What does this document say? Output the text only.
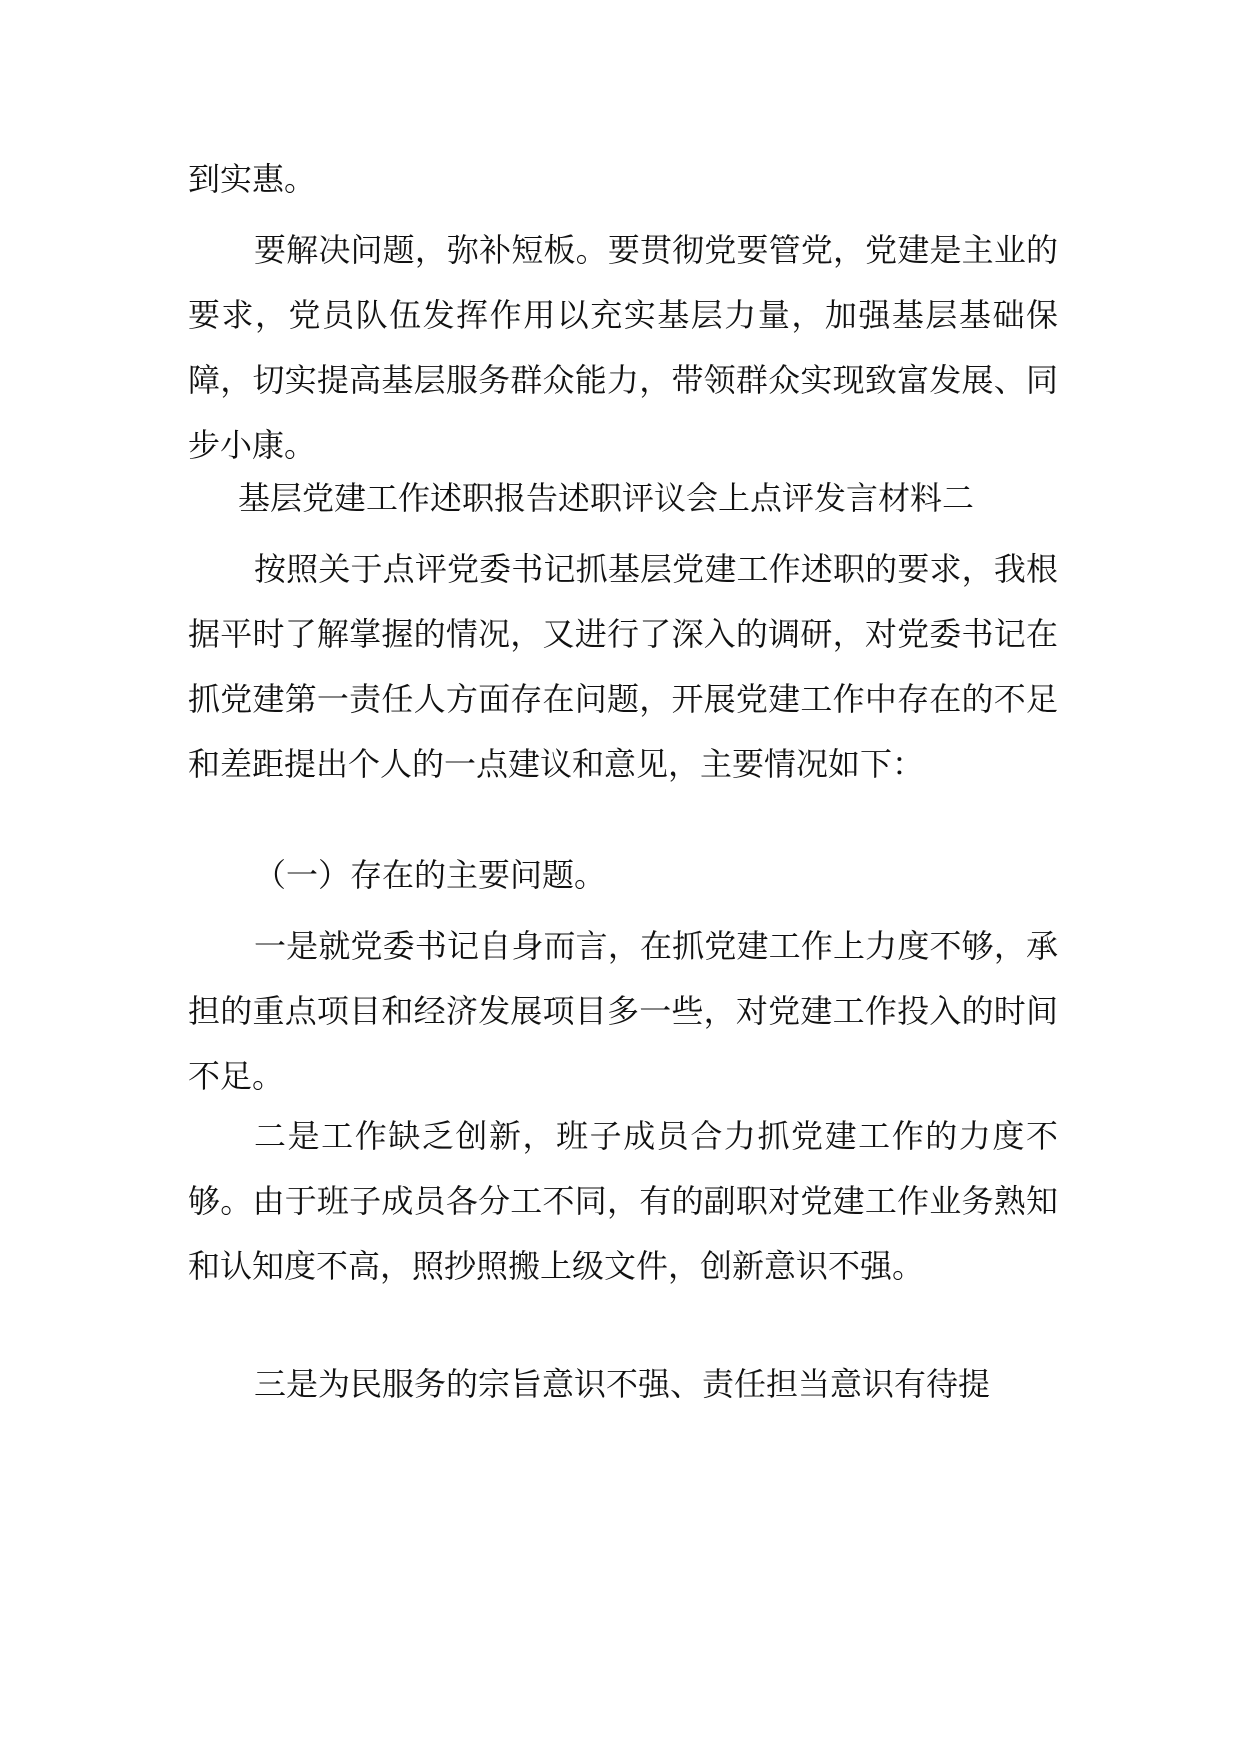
到实惠。

要解决问题，弥补短板。要贯彻党要管党，党建是主业的要求，党员队伍发挥作用以充实基层力量，加强基层基础保障，切实提高基层服务群众能力，带领群众实现致富发展、同步小康。

基层党建工作述职报告述职评议会上点评发言材料二

按照关于点评党委书记抓基层党建工作述职的要求，我根据平时了解掌握的情况，又进行了深入的调研，对党委书记在抓党建第一责任人方面存在问题，开展党建工作中存在的不足和差距提出个人的一点建议和意见，主要情况如下：

（一）存在的主要问题。

一是就党委书记自身而言，在抓党建工作上力度不够，承担的重点项目和经济发展项目多一些，对党建工作投入的时间不足。

二是工作缺乏创新，班子成员合力抓党建工作的力度不够。由于班子成员各分工不同，有的副职对党建工作业务熟知和认知度不高，照抄照搬上级文件，创新意识不强。

三是为民服务的宗旨意识不强、责任担当意识有待提
